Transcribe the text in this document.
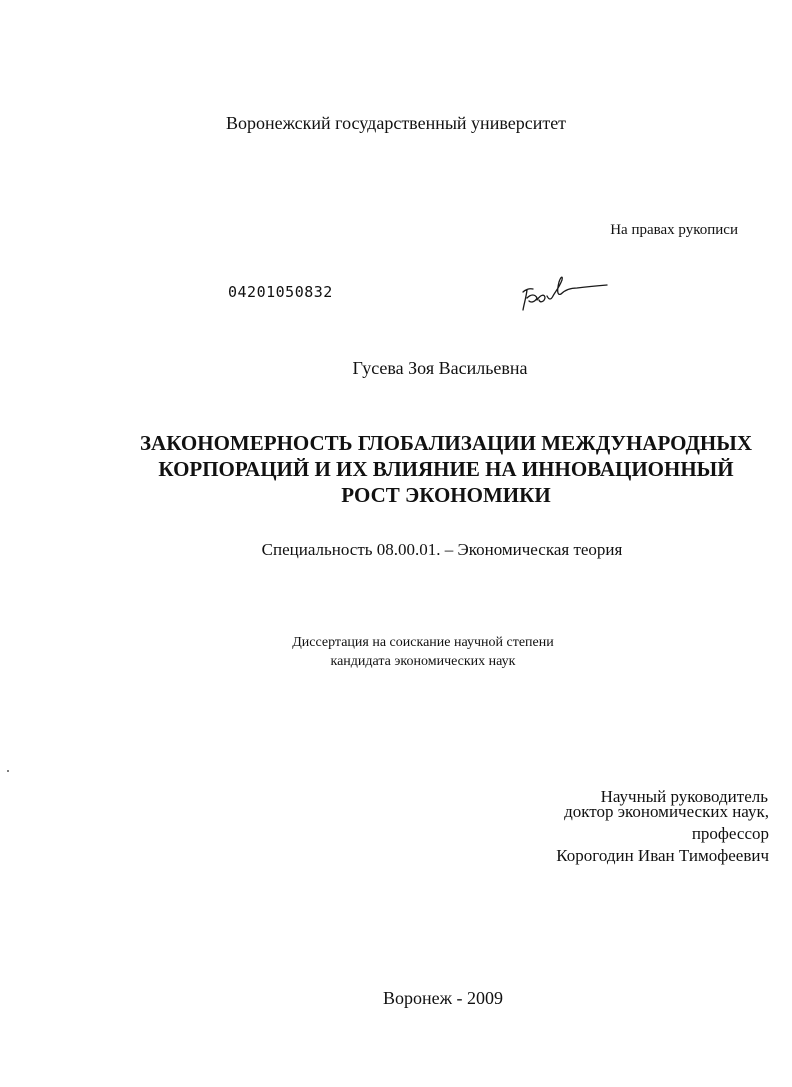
Воронежский государственный университет
На правах рукописи
04201050832
Гусева Зоя Васильевна
ЗАКОНОМЕРНОСТЬ ГЛОБАЛИЗАЦИИ МЕЖДУНАРОДНЫХ
КОРПОРАЦИЙ И ИХ ВЛИЯНИЕ НА ИННОВАЦИОННЫЙ
РОСТ ЭКОНОМИКИ
Специальность 08.00.01. – Экономическая теория
Диссертация на соискание научной степени
кандидата экономических наук
Научный руководитель
доктор экономических наук,
профессор
Корогодин Иван Тимофеевич
Воронеж - 2009
